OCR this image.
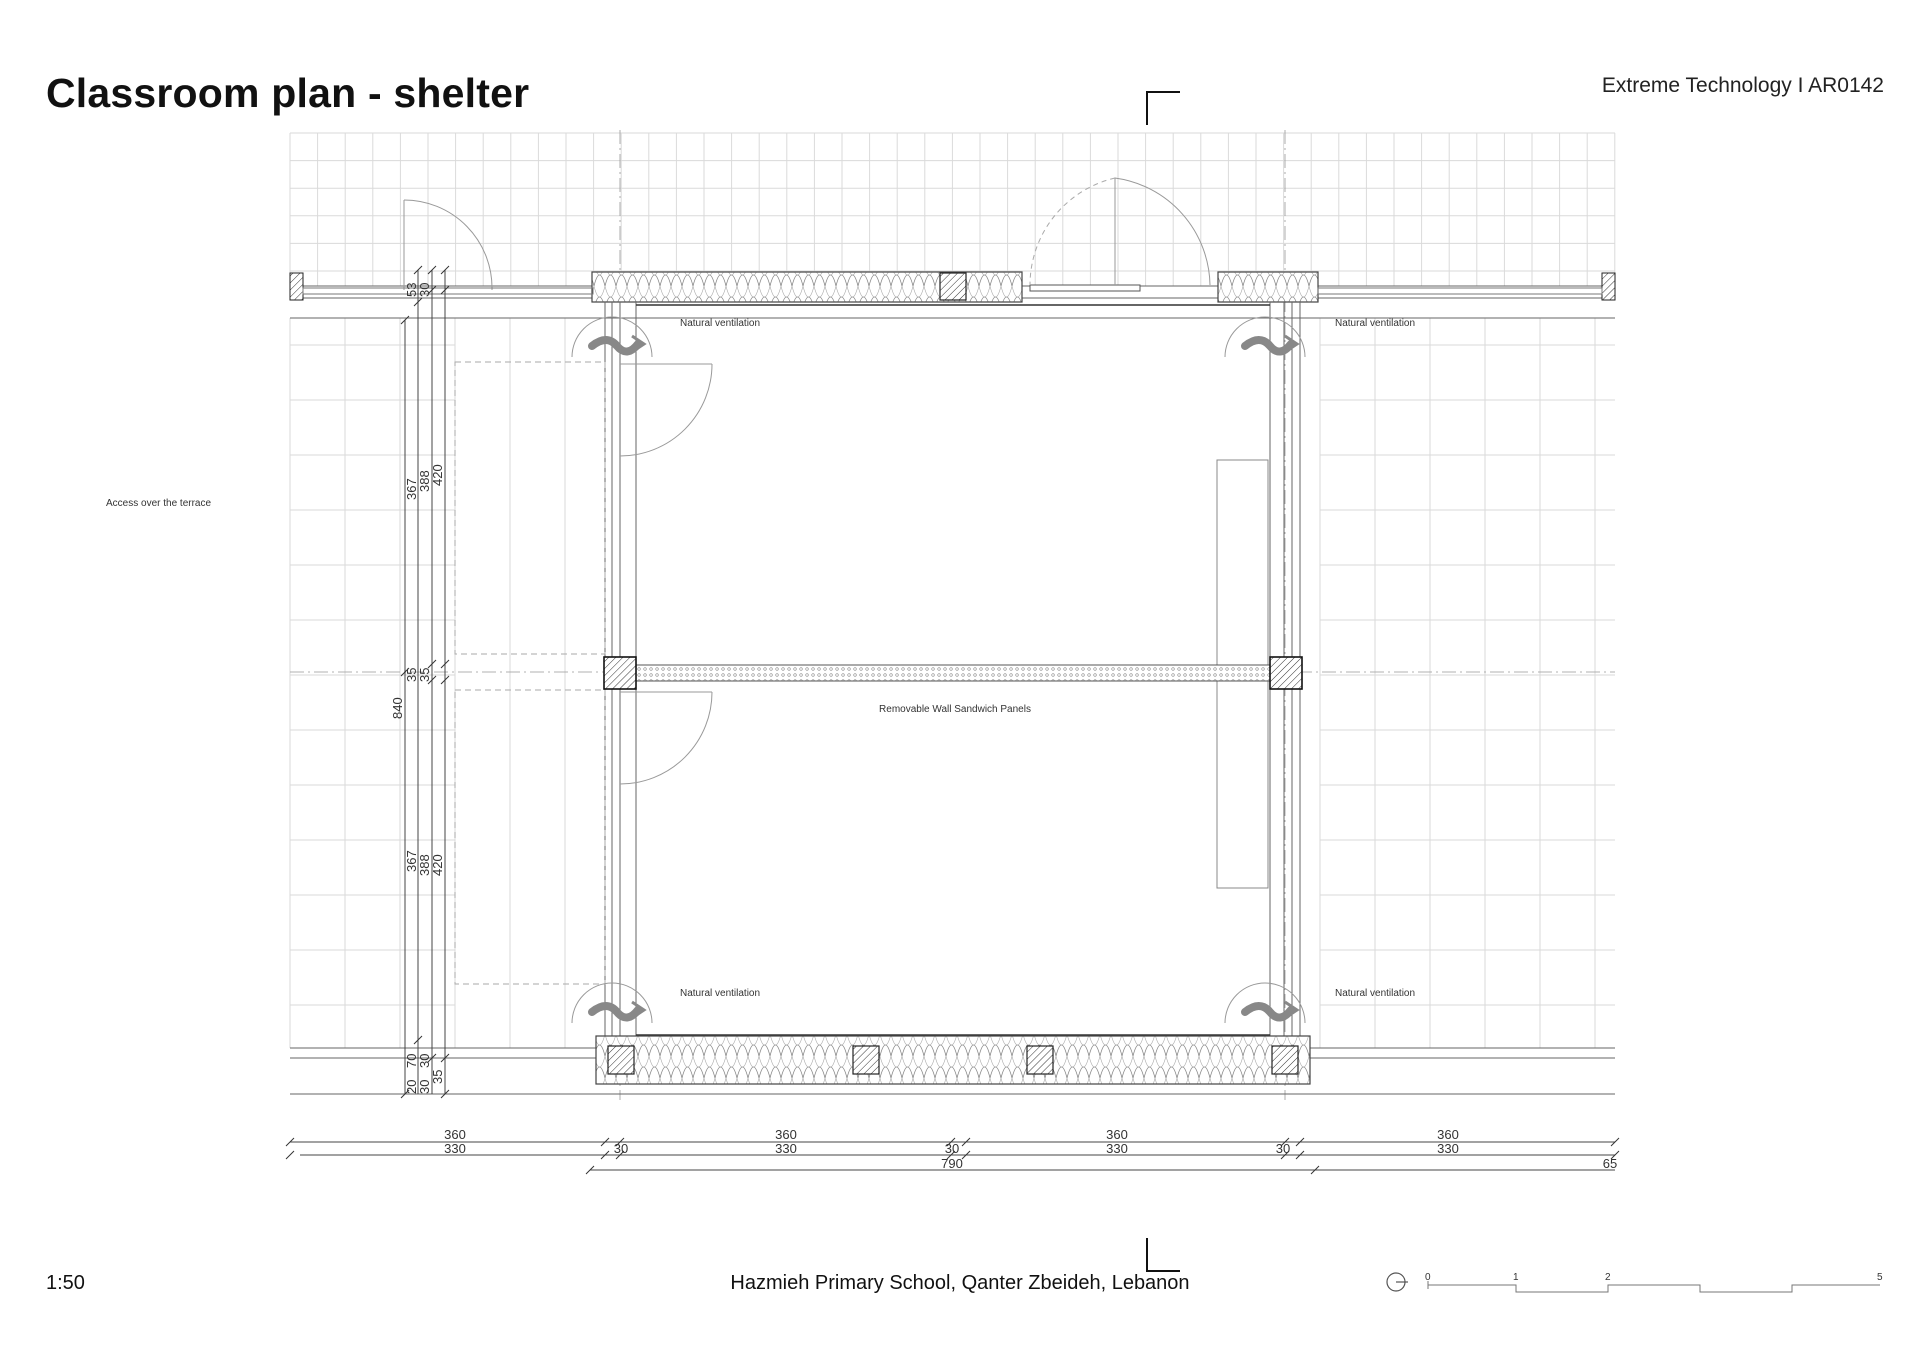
Classroom plan - shelter	Extreme Technology I AR0142
Access over the terrace
1:50	Hazmieh Primary School, Qanter Zbeideh, Lebanon
Natural ventilation	Natural ventilation
Natural ventilation	Natural ventilation
Removable Wall Sandwich Panels
53
30
367
388
420
35
35
840
367
388
420
70
30
20
30
35
360	360	360	360
330	30	330	30	330	30	330
790	65
0	1	2	5
